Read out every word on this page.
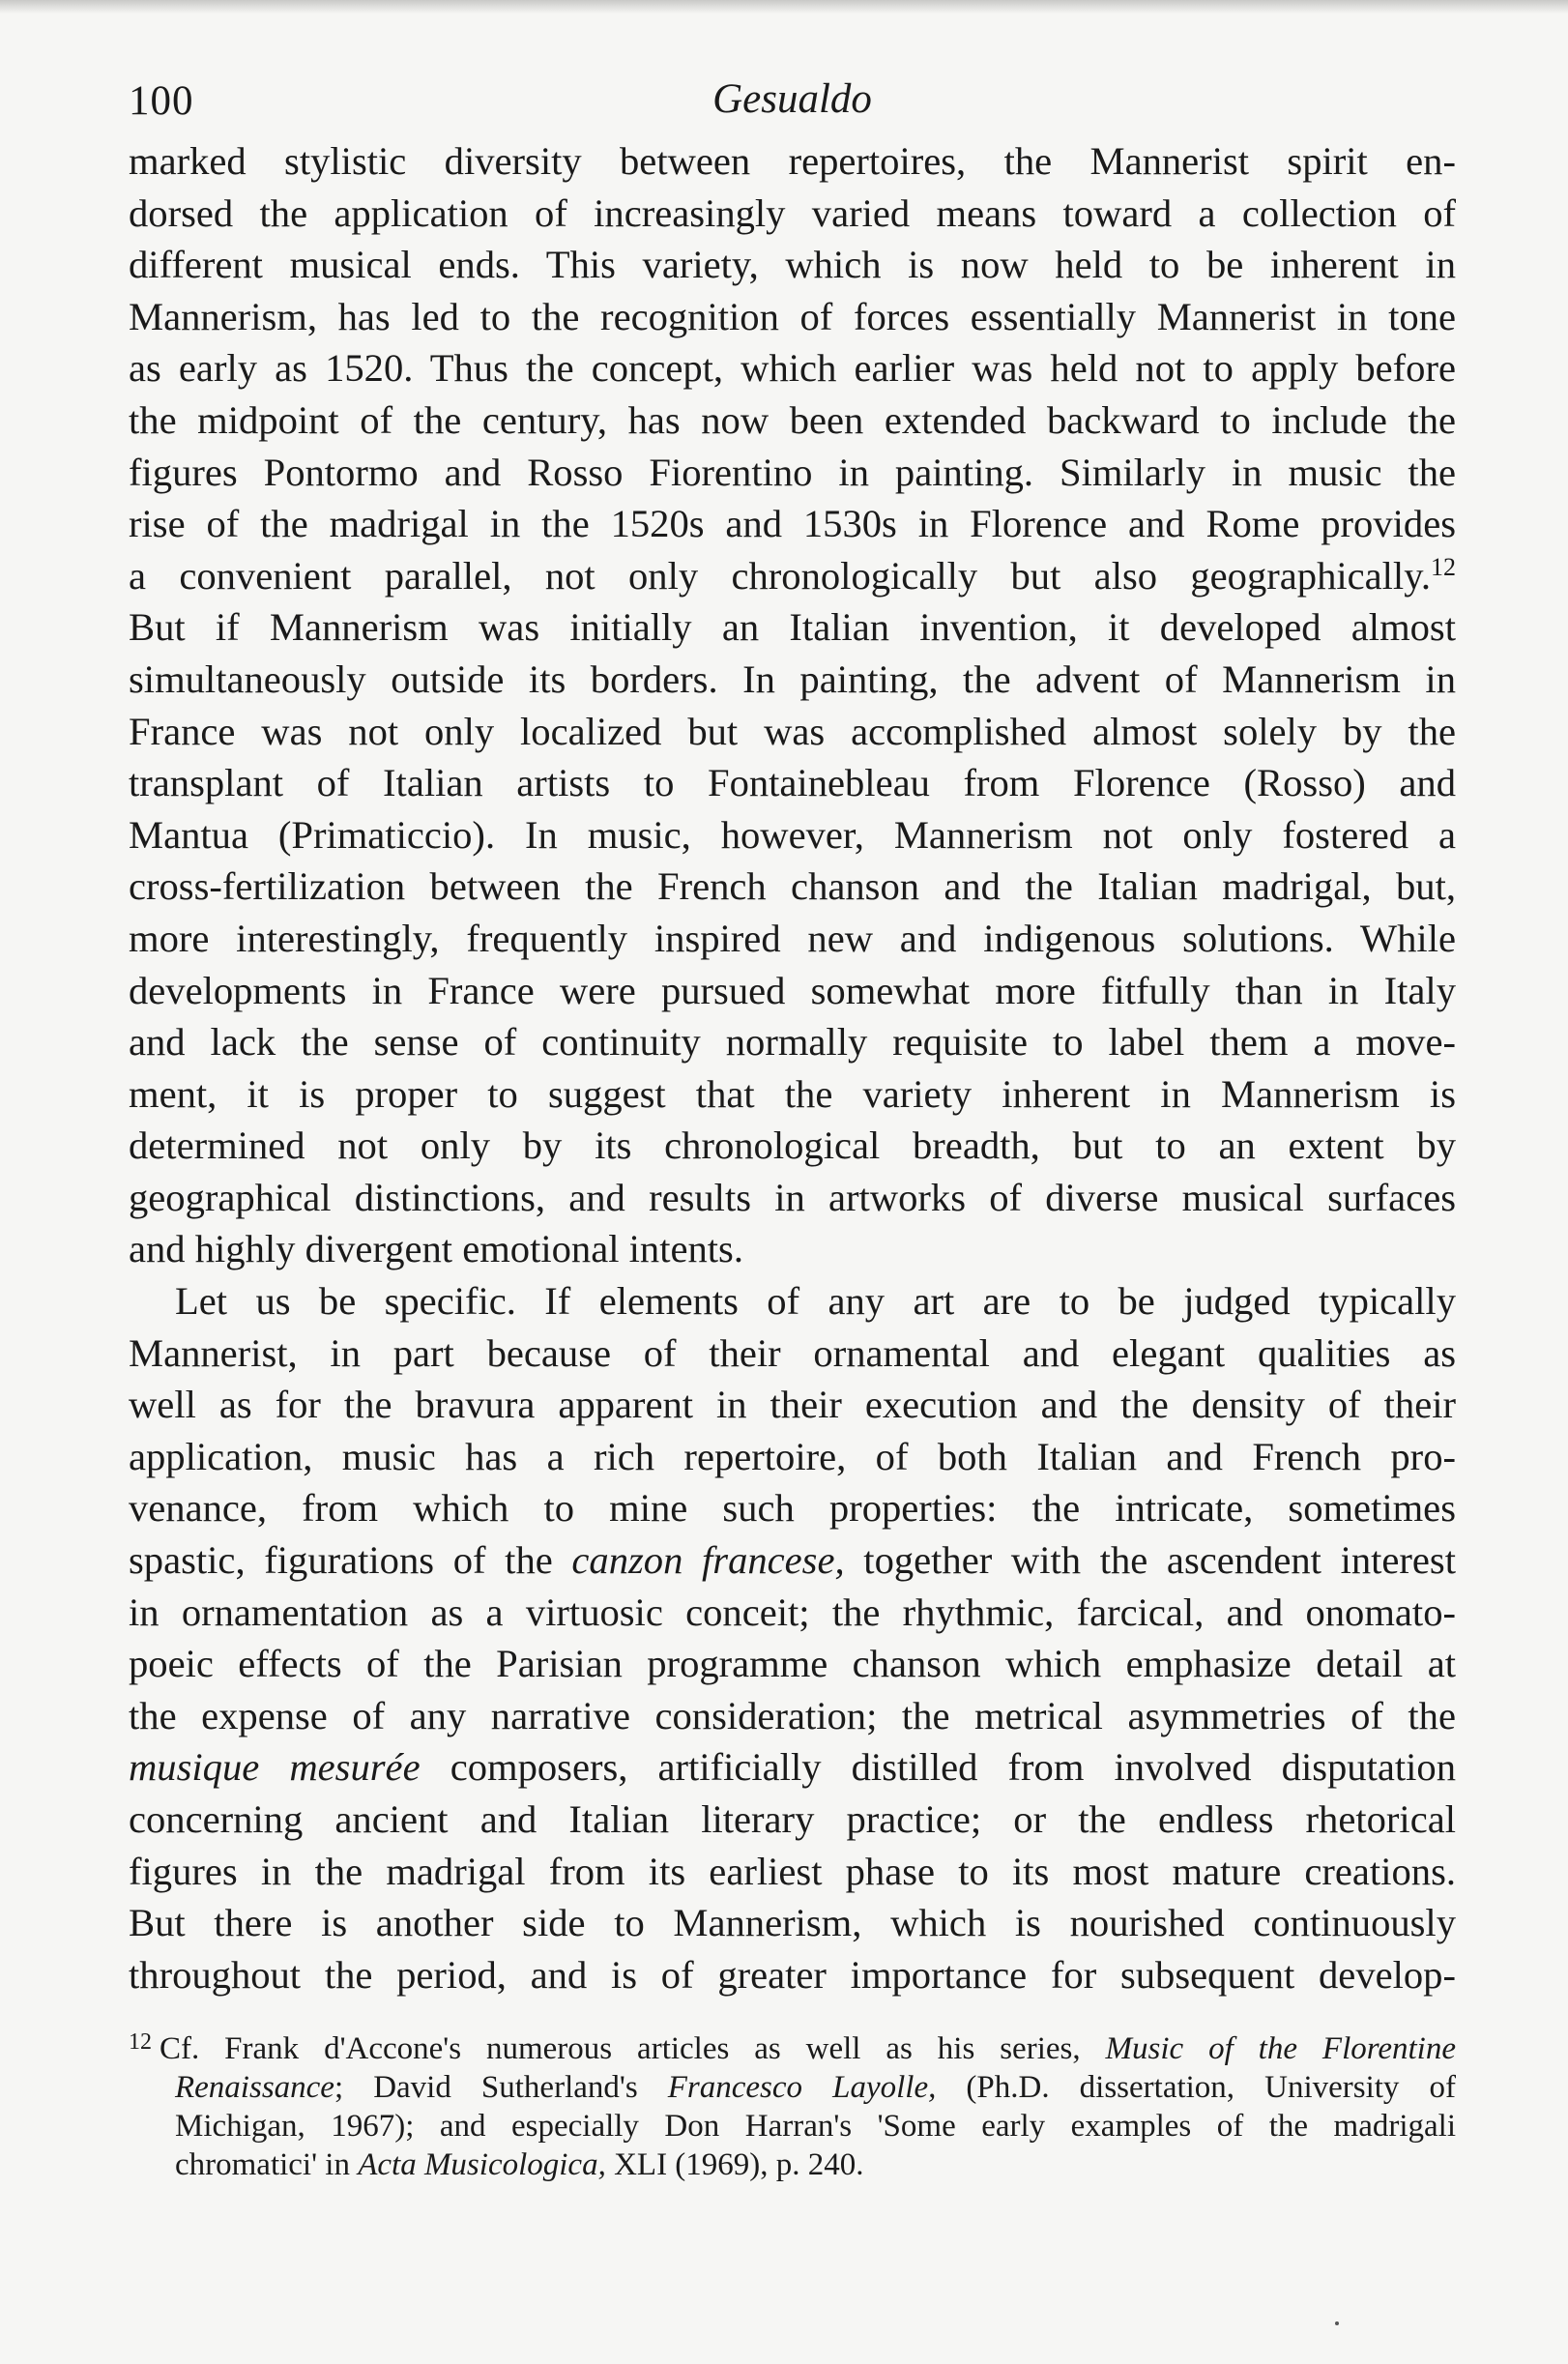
100	Gesualdo
marked stylistic diversity between repertoires, the Mannerist spirit en-
dorsed the application of increasingly varied means toward a collection of
different musical ends. This variety, which is now held to be inherent in
Mannerism, has led to the recognition of forces essentially Mannerist in tone
as early as 1520. Thus the concept, which earlier was held not to apply before
the midpoint of the century, has now been extended backward to include the
figures Pontormo and Rosso Fiorentino in painting. Similarly in music the
rise of the madrigal in the 1520s and 1530s in Florence and Rome provides
a convenient parallel, not only chronologically but also geographically.$^{12}$
But if Mannerism was initially an Italian invention, it developed almost
simultaneously outside its borders. In painting, the advent of Mannerism in
France was not only localized but was accomplished almost solely by the
transplant of Italian artists to Fontainebleau from Florence (Rosso) and
Mantua (Primaticcio). In music, however, Mannerism not only fostered a
cross-fertilization between the French chanson and the Italian madrigal, but,
more interestingly, frequently inspired new and indigenous solutions. While
developments in France were pursued somewhat more fitfully than in Italy
and lack the sense of continuity normally requisite to label them a move-
ment, it is proper to suggest that the variety inherent in Mannerism is
determined not only by its chronological breadth, but to an extent by
geographical distinctions, and results in artworks of diverse musical surfaces
and highly divergent emotional intents.
Let us be specific. If elements of any art are to be judged typically
Mannerist, in part because of their ornamental and elegant qualities as
well as for the bravura apparent in their execution and the density of their
application, music has a rich repertoire, of both Italian and French pro-
venance, from which to mine such properties: the intricate, sometimes
spastic, figurations of the canzon francese, together with the ascendent interest
in ornamentation as a virtuosic conceit; the rhythmic, farcical, and onomato-
poeic effects of the Parisian programme chanson which emphasize detail at
the expense of any narrative consideration; the metrical asymmetries of the
musique mesurée composers, artificially distilled from involved disputation
concerning ancient and Italian literary practice; or the endless rhetorical
figures in the madrigal from its earliest phase to its most mature creations.
But there is another side to Mannerism, which is nourished continuously
throughout the period, and is of greater importance for subsequent develop-
$^{12}$ Cf. Frank d'Accone's numerous articles as well as his series, Music of the Florentine
Renaissance; David Sutherland's Francesco Layolle, (Ph.D. dissertation, University of
Michigan, 1967); and especially Don Harran's 'Some early examples of the madrigali
chromatici' in Acta Musicologica, XLI (1969), p. 240.
